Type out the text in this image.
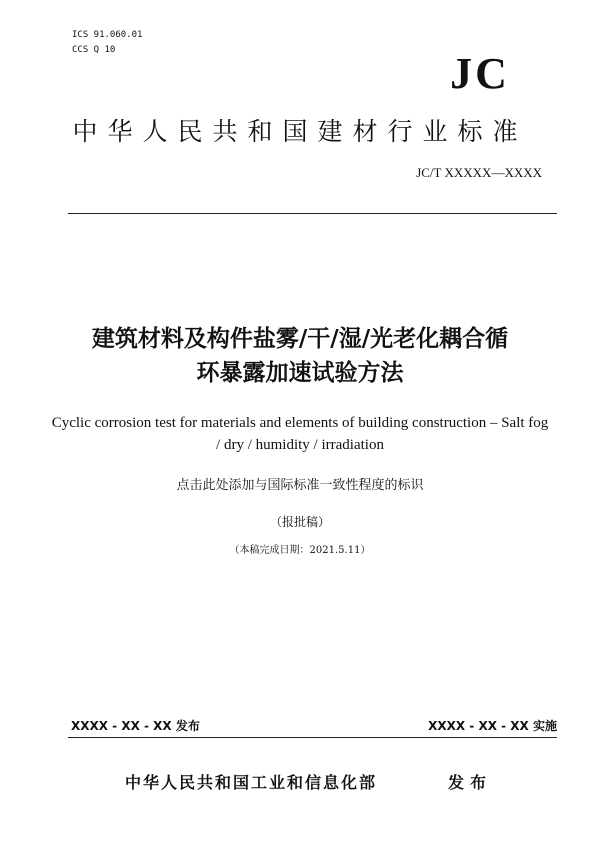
ICS 91.060.01
CCS Q 10	JC
中华人民共和国建材行业标准
JC/T XXXXX—XXXX
建筑材料及构件盐雾/干/湿/光老化耦合循
环暴露加速试验方法
Cyclic corrosion test for materials and elements of building construction – Salt fog / dry / humidity / irradiation
点击此处添加与国际标准一致性程度的标识
（报批稿）
（本稿完成日期：2021.5.11）
XXXX - XX - XX 发布	XXXX - XX - XX 实施
中华人民共和国工业和信息化部	发布
